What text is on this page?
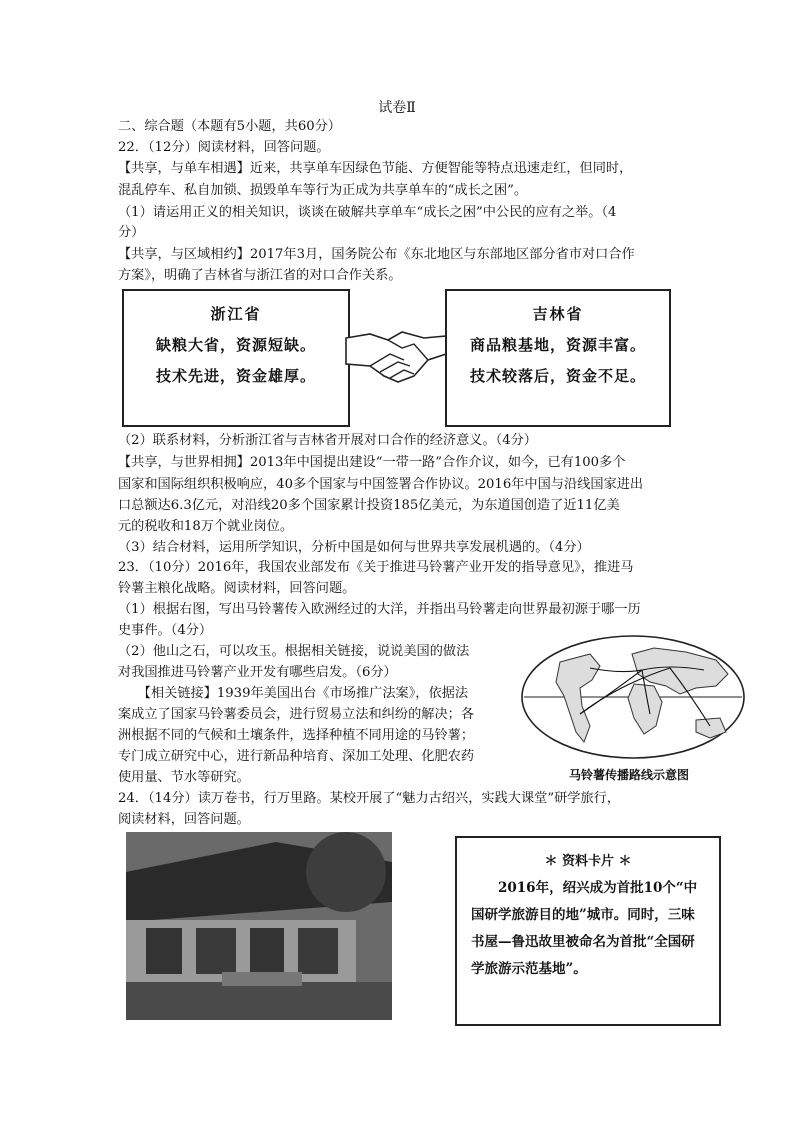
试卷Ⅱ
二、综合题（本题有5小题，共60分）
22．（12分）阅读材料，回答问题。
【共享，与单车相遇】近来，共享单车因绿色节能、方便智能等特点迅速走红，但同时，
混乱停车、私自加锁、损毁单车等行为正成为共享单车的“成长之困”。
（1）请运用正义的相关知识，谈谈在破解共享单车“成长之困”中公民的应有之举。（4
分）
【共享，与区域相约】2017年3月，国务院公布《东北地区与东部地区部分省市对口合作
方案》，明确了吉林省与浙江省的对口合作关系。
浙江省
缺粮大省，资源短缺。
技术先进，资金雄厚。
吉林省
商品粮基地，资源丰富。
技术较落后，资金不足。
（2）联系材料，分析浙江省与吉林省开展对口合作的经济意义。（4分）
【共享，与世界相拥】2013年中国提出建设“一带一路”合作介议，如今，已有100多个
国家和国际组织积极响应，40多个国家与中国签署合作协议。2016年中国与沿线国家进出
口总额达6.3亿元，对沿线20多个国家累计投资185亿美元，为东道国创造了近11亿美
元的税收和18万个就业岗位。
（3）结合材料，运用所学知识，分析中国是如何与世界共享发展机遇的。（4分）
23．（10分）2016年，我国农业部发布《关于推进马铃薯产业开发的指导意见》，推进马
铃薯主粮化战略。阅读材料，回答问题。
（1）根据右图，写出马铃薯传入欧洲经过的大洋，并指出马铃薯走向世界最初源于哪一历
史事件。（4分）
（2）他山之石，可以攻玉。根据相关链接，说说美国的做法
对我国推进马铃薯产业开发有哪些启发。（6分）
　　【相关链接】1939年美国出台《市场推广法案》，依据法
案成立了国家马铃薯委员会，进行贸易立法和纠纷的解决；各
洲根据不同的气候和土壤条件，选择种植不同用途的马铃薯；
专门成立研究中心，进行新品种培育、深加工处理、化肥农药
使用量、节水等研究。
24．（14分）读万卷书，行万里路。某校开展了“魅力古绍兴，实践大课堂”研学旅行，
阅读材料，回答问题。
马铃薯传播路线示意图
＊ 资料卡片 ＊
　　2016年，绍兴成为首批10个“中国研学旅游目的地”城市。同时，三味书屋—鲁迅故里被命名为首批“全国研学旅游示范基地”。
